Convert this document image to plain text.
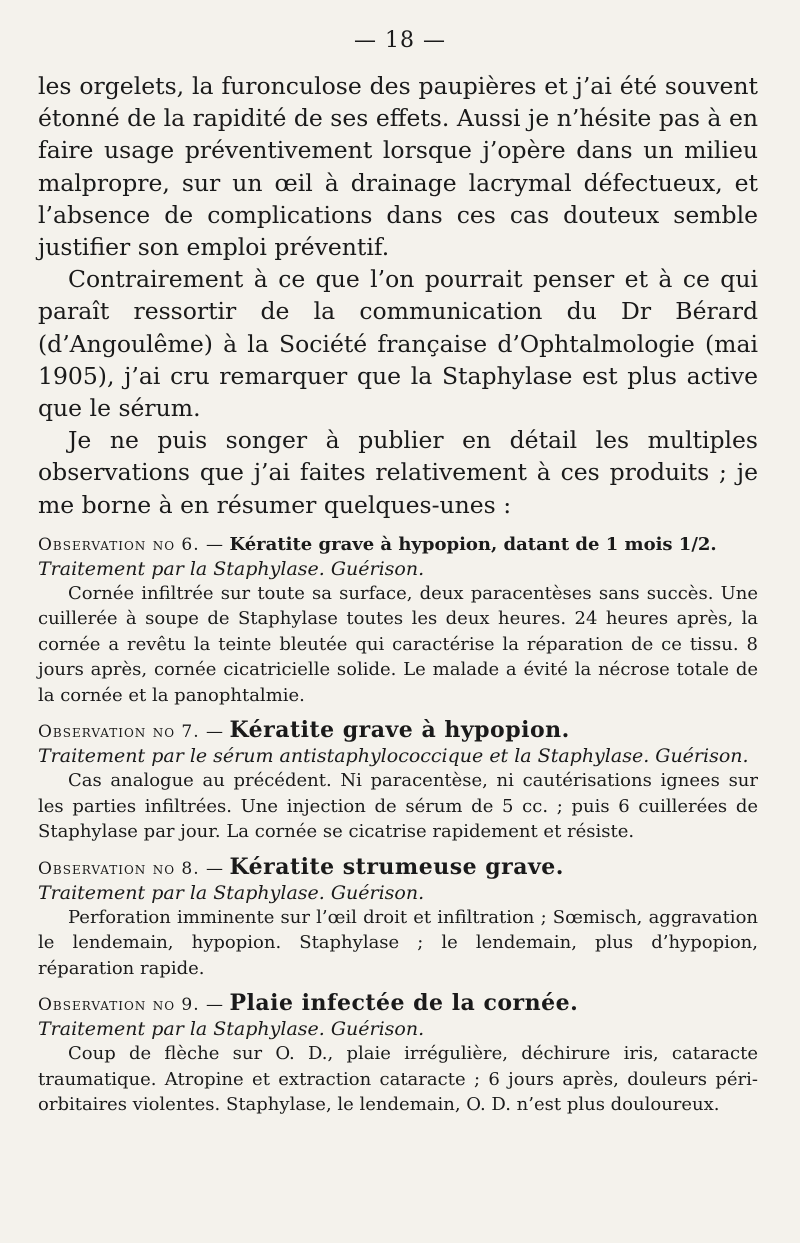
— 18 —

les orgelets, la furonculose des paupières et j’ai été souvent étonné de la rapidité de ses effets. Aussi je n’hésite pas à en faire usage préventivement lorsque j’opère dans un milieu malpropre, sur un œil à drainage lacrymal défectueux, et l’absence de complications dans ces cas douteux semble justifier son emploi préventif.

Contrairement à ce que l’on pourrait penser et à ce qui paraît ressortir de la communication du Dr Bérard (d’Angoulême) à la Société française d’Ophtalmologie (mai 1905), j’ai cru remarquer que la Staphylase est plus active que le sérum.

Je ne puis songer à publier en détail les multiples observations que j’ai faites relativement à ces produits ; je me borne à en résumer quelques-unes :

Observation no 6. — Kératite grave à hypopion, datant de 1 mois 1/2.

Traitement par la Staphylase. Guérison.

Cornée infiltrée sur toute sa surface, deux paracentèses sans succès. Une cuillerée à soupe de Staphylase toutes les deux heures. 24 heures après, la cornée a revêtu la teinte bleutée qui caractérise la réparation de ce tissu. 8 jours après, cornée cicatricielle solide. Le malade a évité la nécrose totale de la cornée et la panophtalmie.

Observation no 7. — Kératite grave à hypopion.

Traitement par le sérum antistaphylococcique et la Staphylase. Guérison.

Cas analogue au précédent. Ni paracentèse, ni cautérisations ignees sur les parties infiltrées. Une injection de sérum de 5 cc. ; puis 6 cuillerées de Staphylase par jour. La cornée se cicatrise rapidement et résiste.

Observation no 8. — Kératite strumeuse grave.

Traitement par la Staphylase. Guérison.

Perforation imminente sur l’œil droit et infiltration ; Sœmisch, aggravation le lendemain, hypopion. Staphylase ; le lendemain, plus d’hypopion, réparation rapide.

Observation no 9. — Plaie infectée de la cornée.

Traitement par la Staphylase. Guérison.

Coup de flèche sur O. D., plaie irrégulière, déchirure iris, cataracte traumatique. Atropine et extraction cataracte ; 6 jours après, douleurs péri-orbitaires violentes. Staphylase, le lendemain, O. D. n’est plus douloureux.
